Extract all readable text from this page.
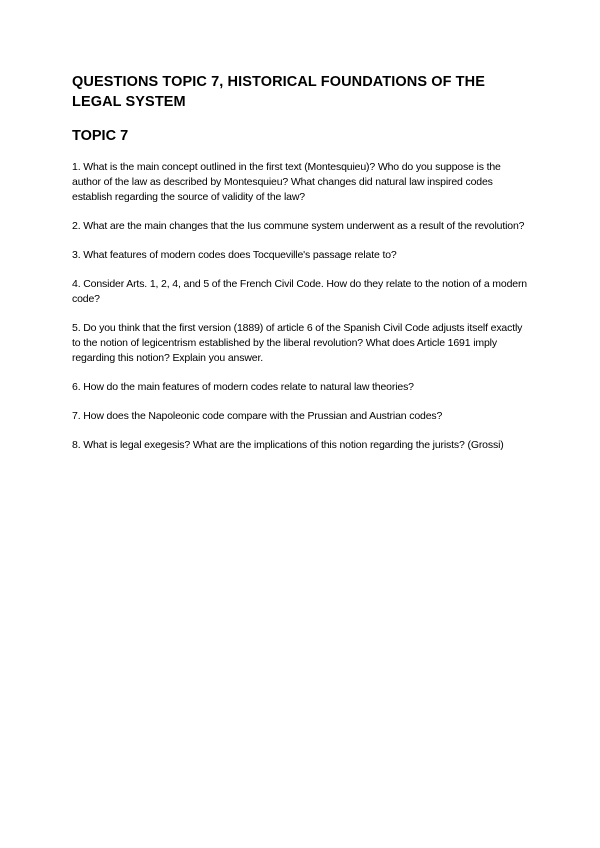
QUESTIONS TOPIC 7, HISTORICAL FOUNDATIONS OF THE LEGAL SYSTEM
TOPIC 7
1. What is the main concept outlined in the first text (Montesquieu)? Who do you suppose is the author of the law as described by Montesquieu? What changes did natural law inspired codes establish regarding the source of validity of the law?
2. What are the main changes that the Ius commune system underwent as a result of the revolution?
3. What features of modern codes does Tocqueville's passage relate to?
4. Consider Arts. 1, 2, 4, and 5 of the French Civil Code. How do they relate to the notion of a modern code?
5. Do you think that the first version (1889) of article 6 of the Spanish Civil Code adjusts itself exactly to the notion of legicentrism established by the liberal revolution? What does Article 1691 imply regarding this notion? Explain you answer.
6. How do the main features of modern codes relate to natural law theories?
7. How does the Napoleonic code compare with the Prussian and Austrian codes?
8. What is legal exegesis? What are the implications of this notion regarding the jurists? (Grossi)
